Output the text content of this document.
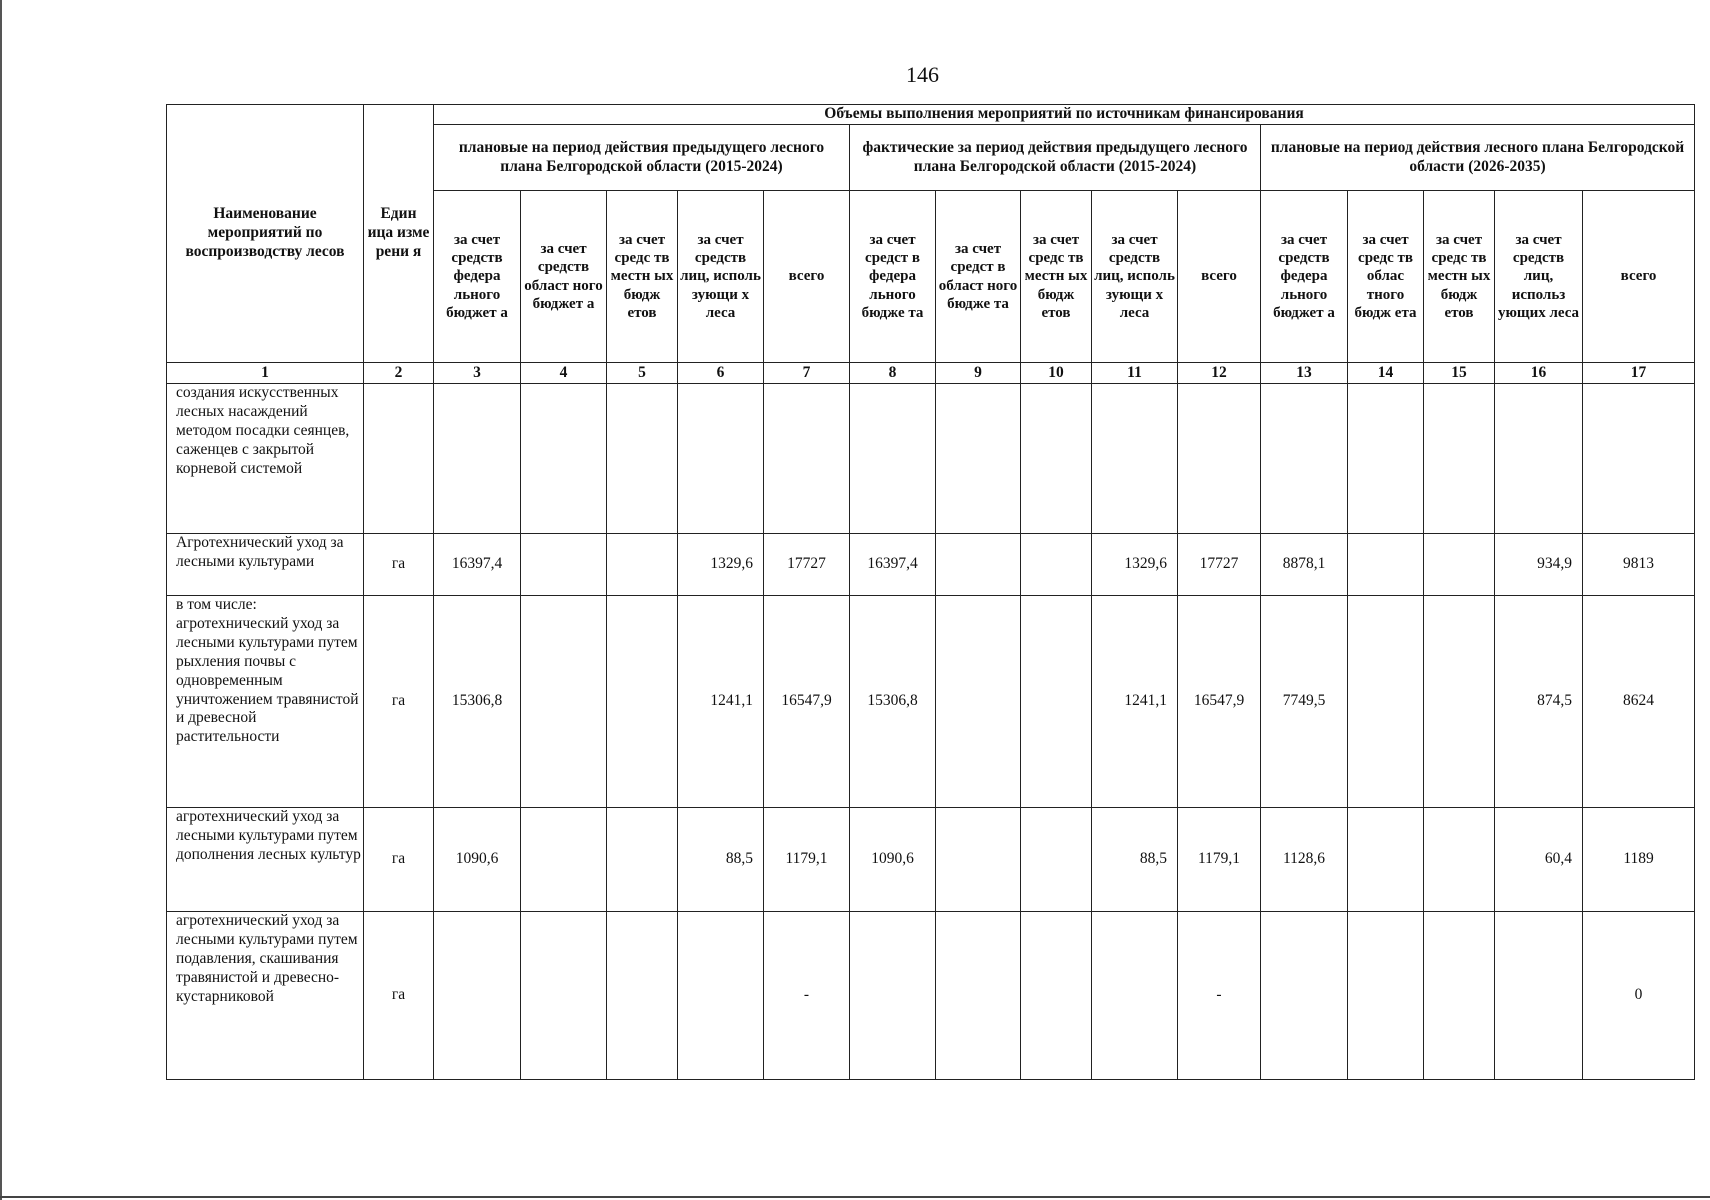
146
Наименование мероприятий по воспроизводству лесов	Един ица изме рени я	Объемы выполнения мероприятий по источникам финансирования														
		плановые на период действия предыдущего лесного плана Белгородской области (2015-2024)					фактические за период действия предыдущего лесного плана Белгородской области (2015-2024)					плановые на период действия лесного плана Белгородской области (2026-2035)				
		за счет средств федера льного бюджет а	за счет средств област ного бюджет а	за счет средс тв местн ых бюдж етов	за счет средств лиц, исполь зующи х леса	всего	за счет средст в федера льного бюдже та	за счет средст в област ного бюдже та	за счет средс тв местн ых бюдж етов	за счет средств лиц, исполь зующи х леса	всего	за счет средств федера льного бюджет а	за счет средс тв облас тного бюдж ета	за счет средс тв местн ых бюдж етов	за счет средств лиц, использ ующих леса	всего
1	2	3	4	5	6	7	8	9	10	11	12	13	14	15	16	17
создания искусственных лесных насаждений методом посадки сеянцев, саженцев с закрытой корневой системой																
Агротехнический уход за лесными культурами	га	16397,4			1329,6	17727	16397,4			1329,6	17727	8878,1			934,9	9813
в том числе: агротехнический уход за лесными культурами путем рыхления почвы с одновременным уничтожением травянистой и древесной растительности	га	15306,8			1241,1	16547,9	15306,8			1241,1	16547,9	7749,5			874,5	8624
агротехнический уход за лесными культурами путем дополнения лесных культур	га	1090,6			88,5	1179,1	1090,6			88,5	1179,1	1128,6			60,4	1189
агротехнический уход за лесными культурами путем подавления, скашивания травянистой и древесно-кустарниковой	га					-					-					0
